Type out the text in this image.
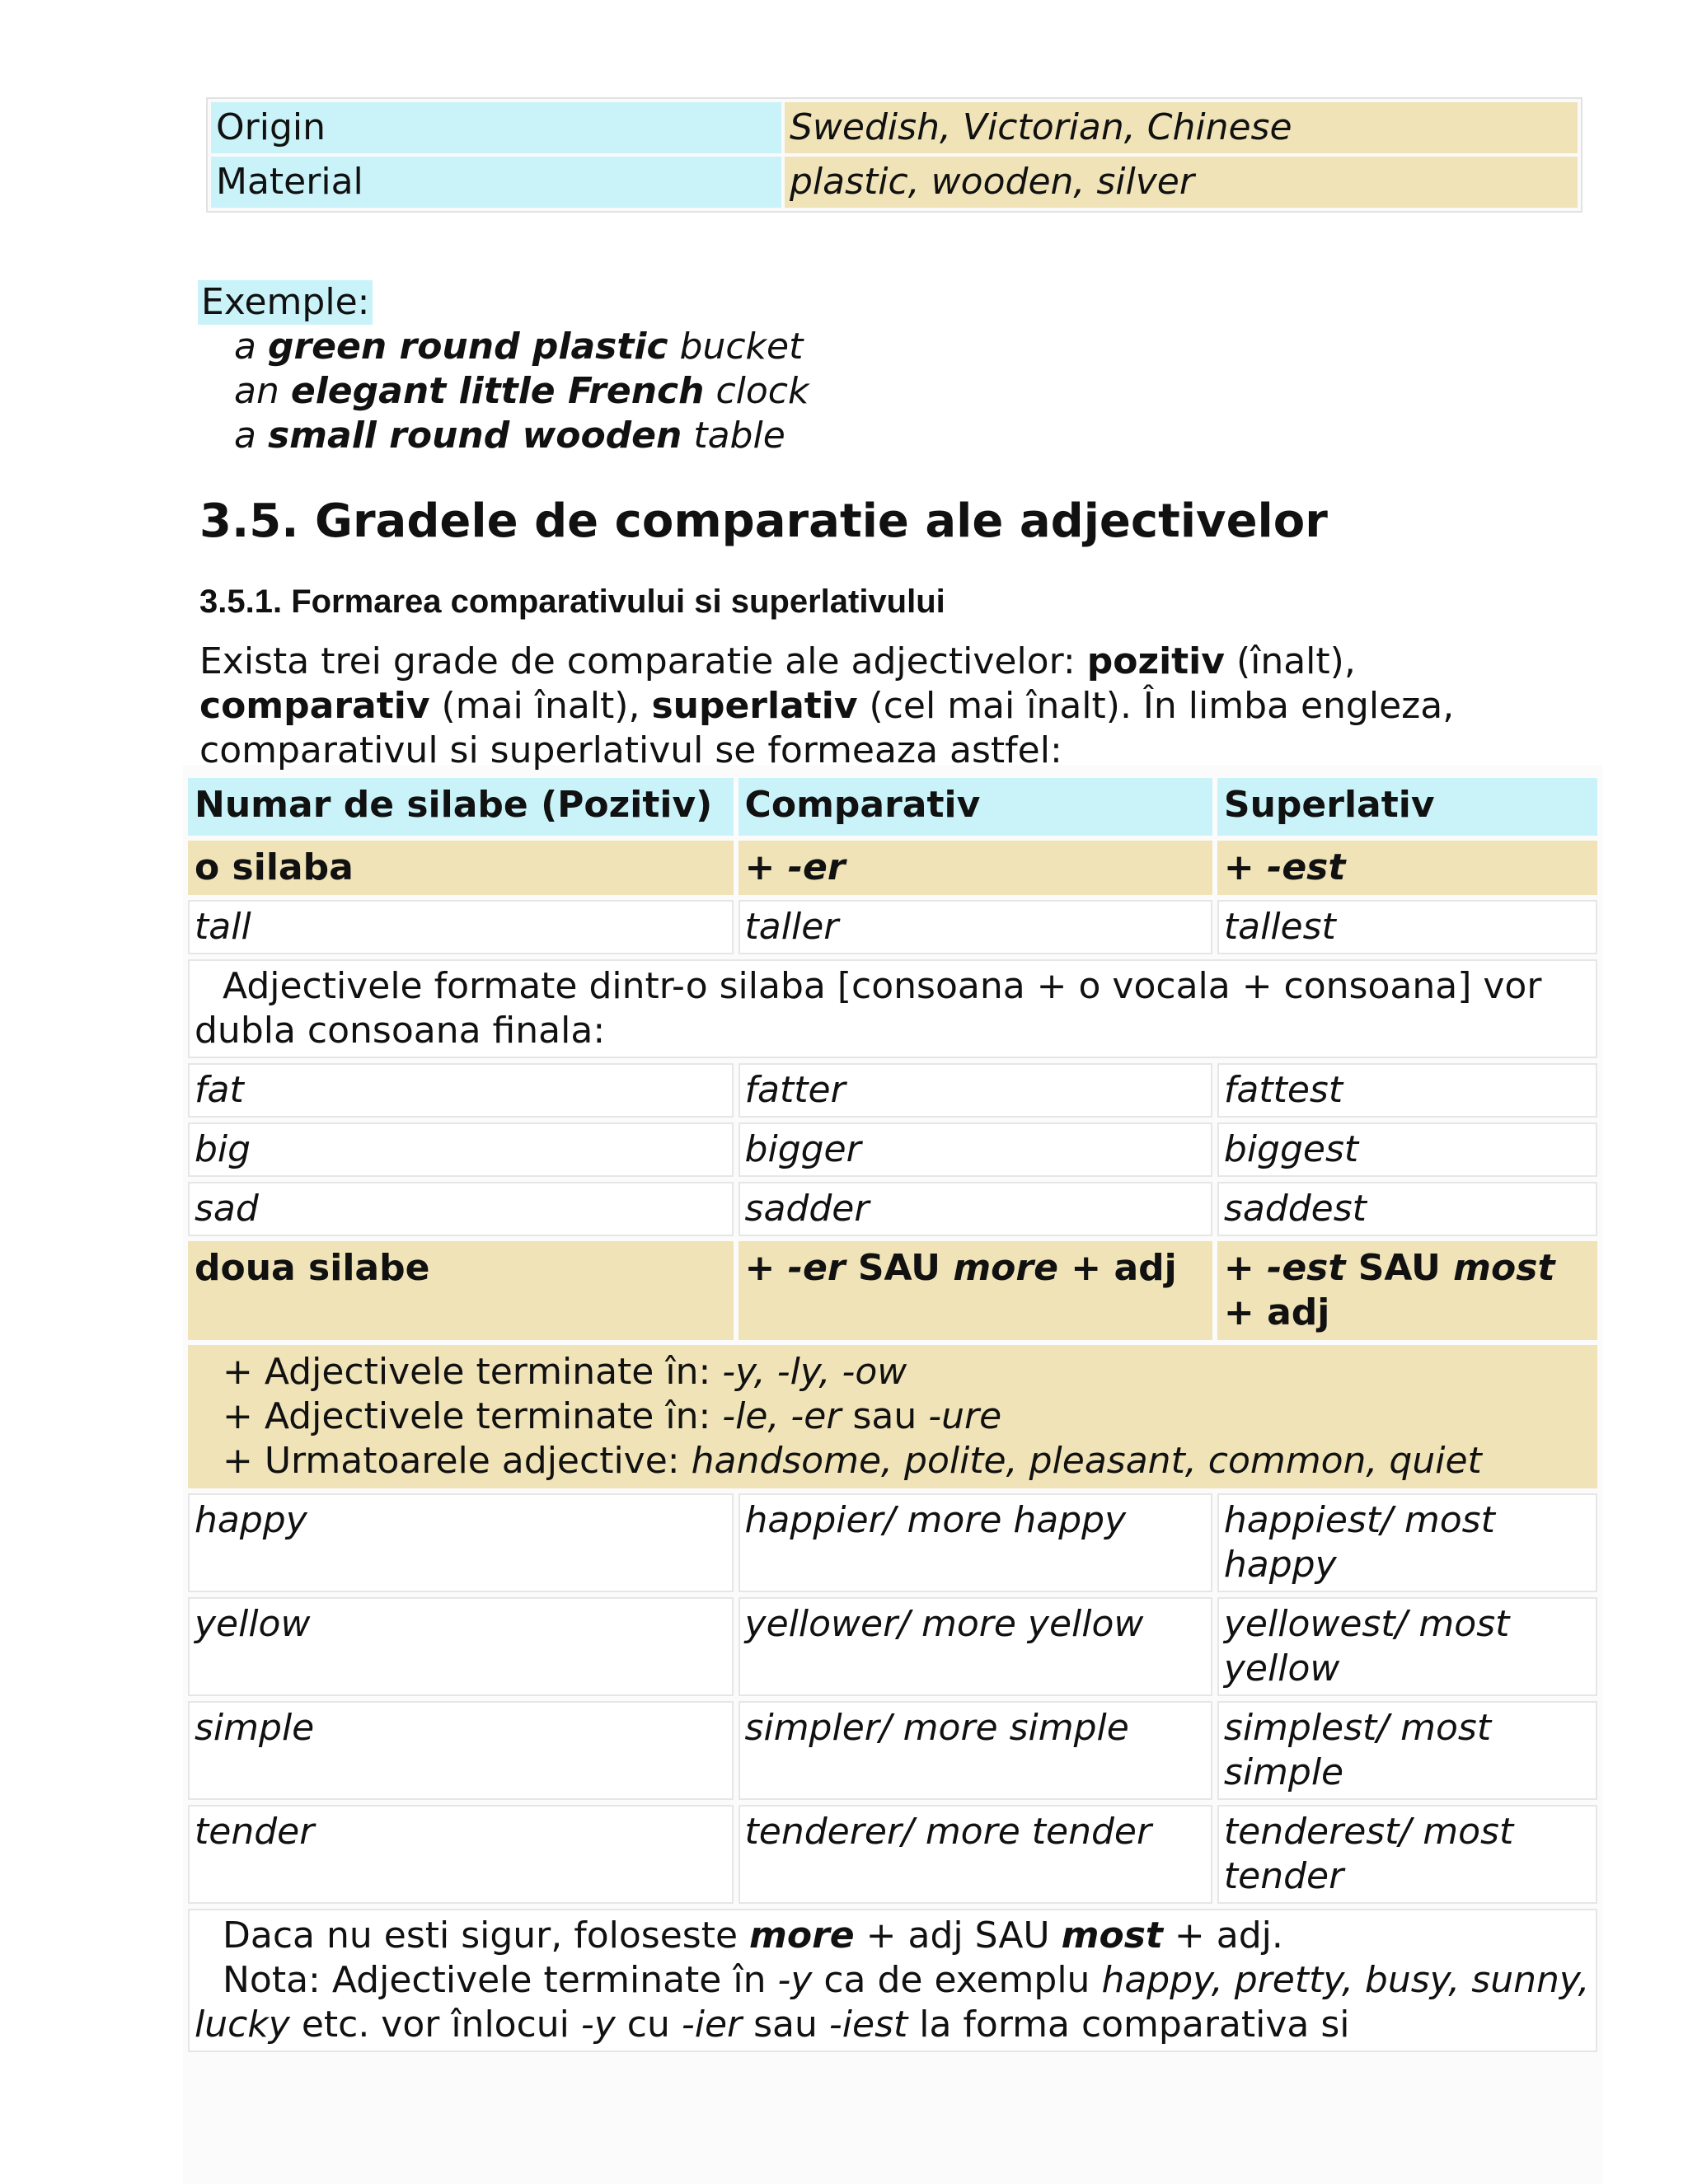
Origin	Swedish, Victorian, Chinese
Material	plastic, wooden, silver
Exemple:
a green round plastic bucket
an elegant little French clock
a small round wooden table
3.5. Gradele de comparatie ale adjectivelor
3.5.1. Formarea comparativului si superlativului

Exista trei grade de comparatie ale adjectivelor: pozitiv (înalt), comparativ (mai înalt), superlativ (cel mai înalt). În limba engleza, comparativul si superlativul se formeaza astfel:

Numar de silabe (Pozitiv)	Comparativ	Superlativ
o silaba	+ -er	+ -est
tall	taller	tallest
Adjectivele formate dintr-o silaba [consoana + o vocala + consoana] vor dubla consoana finala:		
fat	fatter	fattest
big	bigger	biggest
sad	sadder	saddest
doua silabe	+ -er SAU more + adj	+ -est SAU most + adj

+ Adjectivele terminate în: -y, -ly, -ow
+ Adjectivele terminate în: -le, -er sau -ure
+ Urmatoarele adjective: handsome, polite, pleasant, common, quiet		

happy	happier/ more happy	happiest/ most happy
yellow	yellower/ more yellow	yellowest/ most yellow
simple	simpler/ more simple	simplest/ most simple
tender	tenderer/ more tender	tenderest/ most tender

Daca nu esti sigur, foloseste more + adj SAU most + adj.
Nota: Adjectivele terminate în -y ca de exemplu happy, pretty, busy, sunny, lucky etc. vor înlocui -y cu -ier sau -iest la forma comparativa si		
